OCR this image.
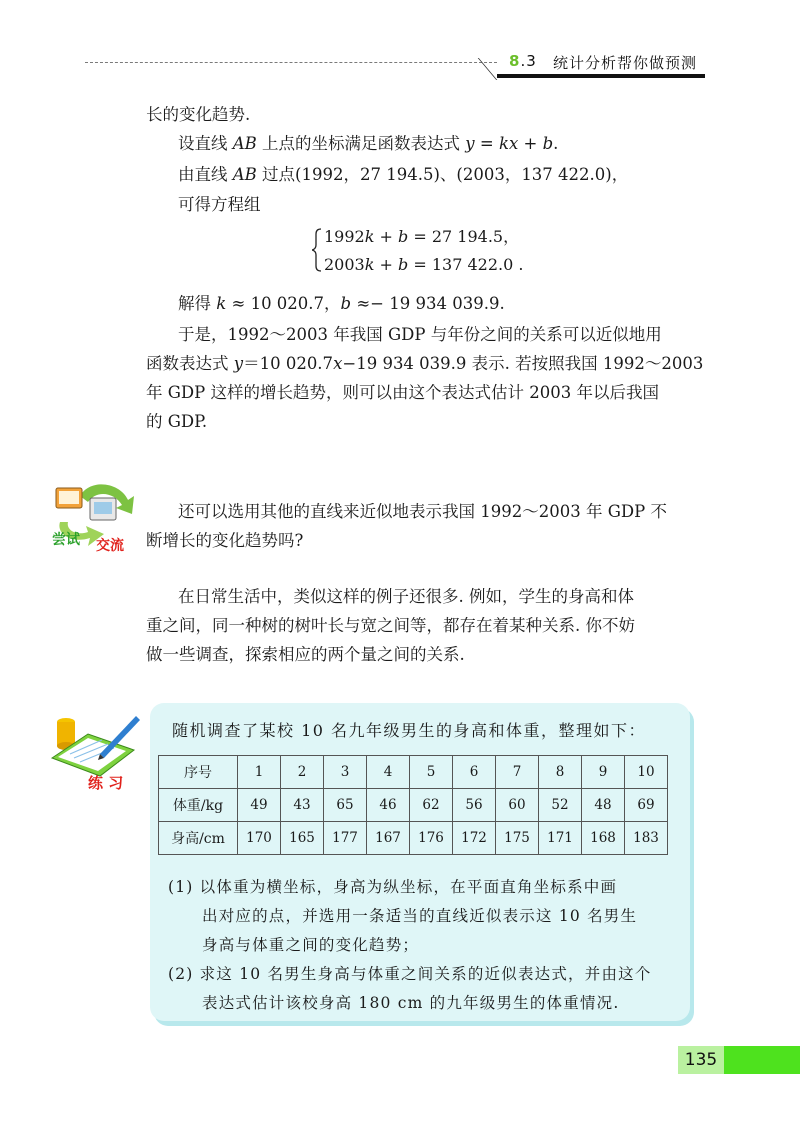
8.3 统计分析帮你做预测
长的变化趋势.
设直线 AB 上点的坐标满足函数表达式 y = kx + b.
由直线 AB 过点(1992，27 194.5)、(2003，137 422.0)，
可得方程组
1992k + b = 27 194.5，
2003k + b = 137 422.0 .
解得 k ≈ 10 020.7，b ≈− 19 934 039.9.
于是，1992～2003 年我国 GDP 与年份之间的关系可以近似地用
函数表达式 y＝10 020.7x−19 934 039.9 表示. 若按照我国 1992～2003
年 GDP 这样的增长趋势，则可以由这个表达式估计 2003 年以后我国
的 GDP.
尝试 交流
还可以选用其他的直线来近似地表示我国 1992～2003 年 GDP 不
断增长的变化趋势吗?
在日常生活中，类似这样的例子还很多. 例如，学生的身高和体
重之间，同一种树的树叶长与宽之间等，都存在着某种关系. 你不妨
做一些调查，探索相应的两个量之间的关系.
练 习
随机调查了某校 10 名九年级男生的身高和体重，整理如下：
序号	1	2	3	4	5	6	7	8	9	10
体重/kg	49	43	65	46	62	56	60	52	48	69
身高/cm	170	165	177	167	176	172	175	171	168	183
(1) 以体重为横坐标，身高为纵坐标，在平面直角坐标系中画
出对应的点，并选用一条适当的直线近似表示这 10 名男生
身高与体重之间的变化趋势；
(2) 求这 10 名男生身高与体重之间关系的近似表达式，并由这个
表达式估计该校身高 180 cm 的九年级男生的体重情况.
135
